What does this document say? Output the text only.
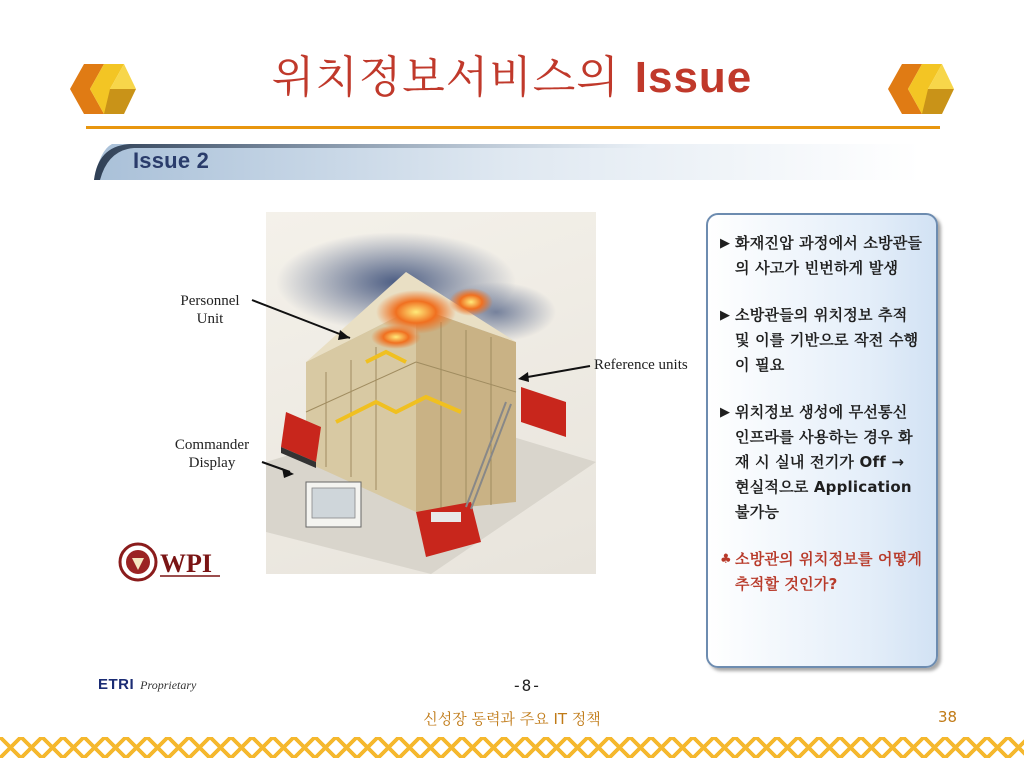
위치정보서비스의 Issue
Issue 2
Personnel Unit
Commander Display
Reference units
WPI
▶ 화재진압 과정에서 소방관들의 사고가 빈번하게 발생
▶ 소방관들의 위치정보 추적 및 이를 기반으로 작전 수행이 필요
▶ 위치정보 생성에 무선통신 인프라를 사용하는 경우 화재 시 실내 전기가 Off → 현실적으로 Application 불가능
♣ 소방관의 위치정보를 어떻게 추적할 것인가?
ETRI Proprietary	-8-
신성장 동력과 주요 IT 정책	38
